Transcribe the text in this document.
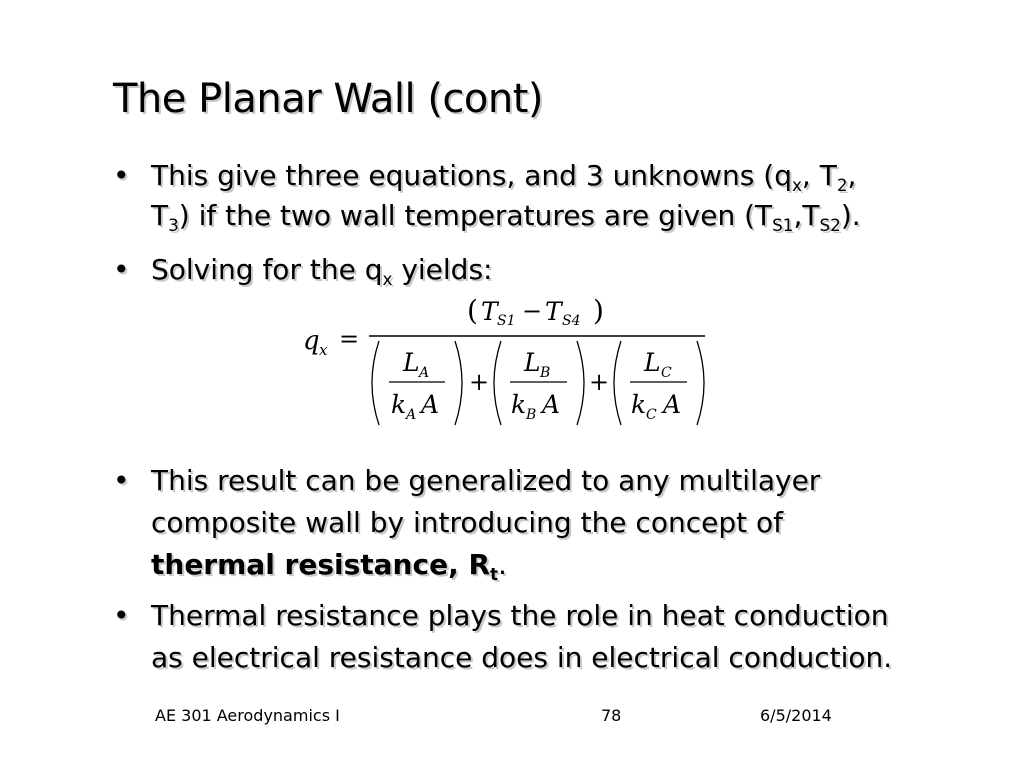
The Planar Wall (cont)
• This give three equations, and 3 unknowns ($q_x$, $T_2$,
$T_3$) if the two wall temperatures are given $(T_{S1},T_{S2})$.
• Solving for the $q_x$ yields:
q x =
( T S1 − T S4 )
L A
k A A
+
L B
k B A
+
L C
k C A
• This result can be generalized to any multilayer
composite wall by introducing the concept of
thermal resistance, $R_t$.
• Thermal resistance plays the role in heat conduction
as electrical resistance does in electrical conduction.
AE 301 Aerodynamics I	78	6/5/2014
